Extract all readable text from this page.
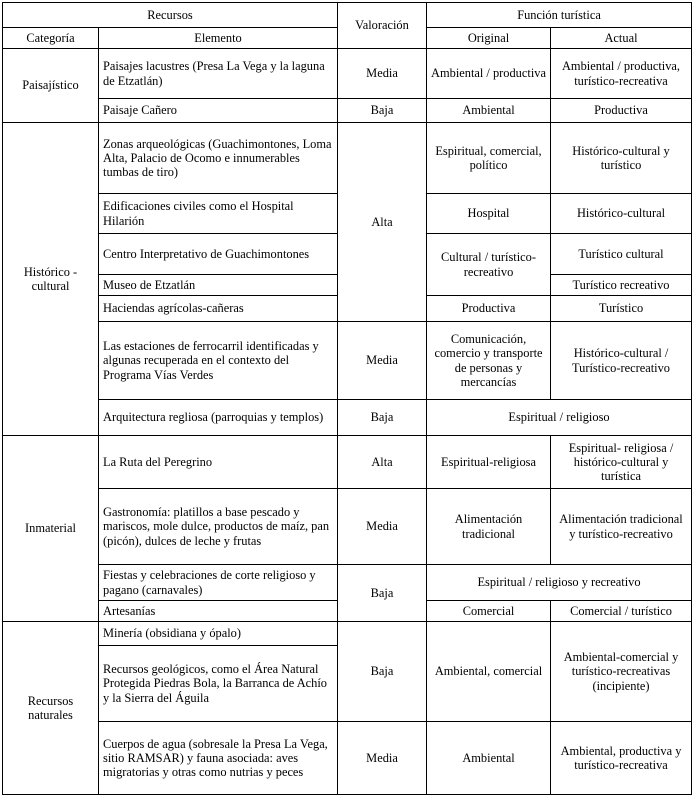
Recursos		Valoración	Función turística	
Categoría	Elemento		Original	Actual
Paisajístico	Paisajes lacustres (Presa La Vega y la laguna de Etzatlán)	Media	Ambiental / productiva	Ambiental / productiva, turístico-recreativa
	Paisaje Cañero	Baja	Ambiental	Productiva
Histórico - cultural	Zonas arqueológicas (Guachimontones, Loma Alta, Palacio de Ocomo e innumerables tumbas de tiro)	Alta	Espiritual, comercial, político	Histórico-cultural y turístico
	Edificaciones civiles como el Hospital Hilarión		Hospital	Histórico-cultural
	Centro Interpretativo de Guachimontones		Cultural / turístico-recreativo	Turístico cultural
	Museo de Etzatlán			Turístico recreativo
	Haciendas agrícolas-cañeras		Productiva	Turístico
	Las estaciones de ferrocarril identificadas y algunas recuperada en el contexto del Programa Vías Verdes	Media	Comunicación, comercio y transporte de personas y mercancías	Histórico-cultural / Turístico-recreativo
	Arquitectura regliosa (parroquias y templos)	Baja	Espiritual / religioso	
Inmaterial	La Ruta del Peregrino	Alta	Espiritual-religiosa	Espiritual- religiosa / histórico-cultural y turística
	Gastronomía: platillos a base pescado y mariscos, mole dulce, productos de maíz, pan (picón), dulces de leche y frutas	Media	Alimentación tradicional	Alimentación tradicional y turístico-recreativo
	Fiestas y celebraciones de corte religioso y pagano (carnavales)	Baja	Espiritual / religioso y recreativo	
	Artesanías		Comercial	Comercial / turístico
Recursos naturales	Minería (obsidiana y ópalo)	Baja	Ambiental, comercial	Ambiental-comercial y turístico-recreativas (incipiente)
	Recursos geológicos, como el Área Natural Protegida Piedras Bola, la Barranca de Achío y la Sierra del Águila			
	Cuerpos de agua (sobresale la Presa La Vega, sitio RAMSAR) y fauna asociada: aves migratorias y otras como nutrias y peces	Media	Ambiental	Ambiental, productiva y turístico-recreativa
